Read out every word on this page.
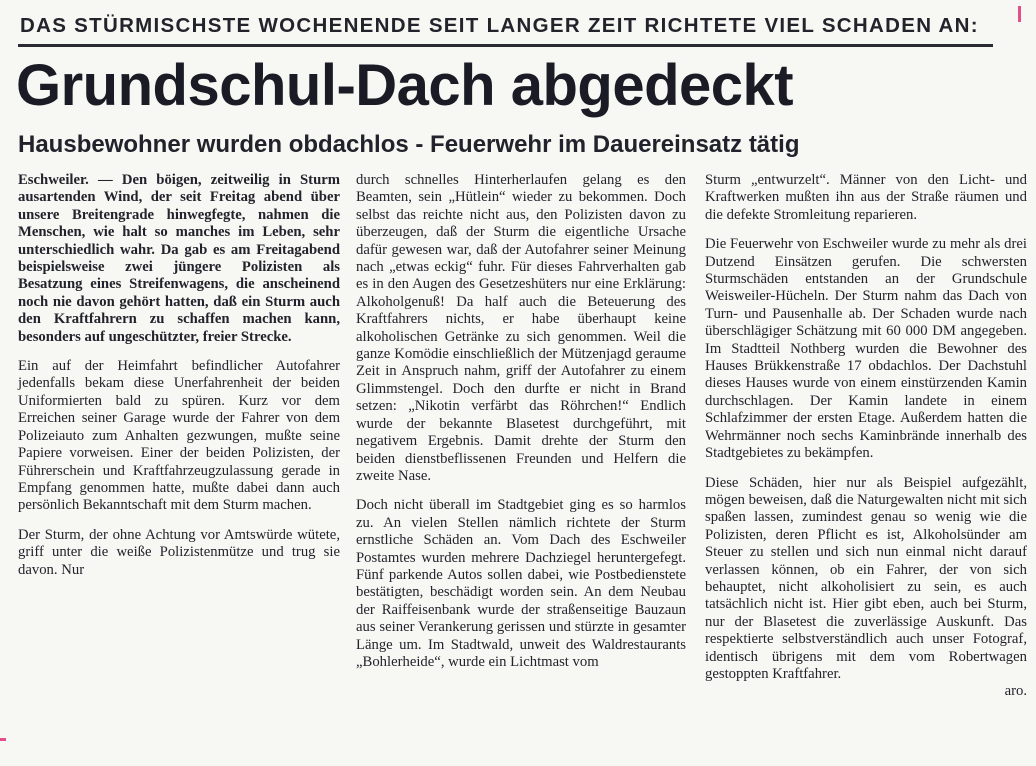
DAS STÜRMISCHSTE WOCHENENDE SEIT LANGER ZEIT RICHTETE VIEL SCHADEN AN:
Grundschul-Dach abgedeckt
Hausbewohner wurden obdachlos - Feuerwehr im Dauereinsatz tätig

Eschweiler. — Den böigen, zeitweilig in Sturm ausartenden Wind, der seit Freitag abend über unsere Breitengrade hinwegfegte, nahmen die Menschen, wie halt so manches im Leben, sehr unterschiedlich wahr. Da gab es am Freitagabend beispielsweise zwei jüngere Polizisten als Besatzung eines Streifenwagens, die anscheinend noch nie davon gehört hatten, daß ein Sturm auch den Kraftfahrern zu schaffen machen kann, besonders auf ungeschützter, freier Strecke.

Ein auf der Heimfahrt befindlicher Autofahrer jedenfalls bekam diese Unerfahrenheit der beiden Uniformierten bald zu spüren. Kurz vor dem Erreichen seiner Garage wurde der Fahrer von dem Polizeiauto zum Anhalten gezwungen, mußte seine Papiere vorweisen. Einer der beiden Polizisten, der Führerschein und Kraftfahrzeugzulassung gerade in Empfang genommen hatte, mußte dabei dann auch persönlich Bekanntschaft mit dem Sturm machen.

Der Sturm, der ohne Achtung vor Amtswürde wütete, griff unter die weiße Polizistenmütze und trug sie davon. Nur

durch schnelles Hinterherlaufen gelang es den Beamten, sein „Hütlein“ wieder zu bekommen. Doch selbst das reichte nicht aus, den Polizisten davon zu überzeugen, daß der Sturm die eigentliche Ursache dafür gewesen war, daß der Autofahrer seiner Meinung nach „etwas eckig“ fuhr. Für dieses Fahrverhalten gab es in den Augen des Gesetzeshüters nur eine Erklärung: Alkoholgenuß! Da half auch die Beteuerung des Kraftfahrers nichts, er habe überhaupt keine alkoholischen Getränke zu sich genommen. Weil die ganze Komödie einschließlich der Mützenjagd geraume Zeit in Anspruch nahm, griff der Autofahrer zu einem Glimmstengel. Doch den durfte er nicht in Brand setzen: „Nikotin verfärbt das Röhrchen!“ Endlich wurde der bekannte Blasetest durchgeführt, mit negativem Ergebnis. Damit drehte der Sturm den beiden dienstbeflissenen Freunden und Helfern die zweite Nase.

Doch nicht überall im Stadtgebiet ging es so harmlos zu. An vielen Stellen nämlich richtete der Sturm ernstliche Schäden an. Vom Dach des Eschweiler Postamtes wurden mehrere Dachziegel heruntergefegt. Fünf parkende Autos sollen dabei, wie Postbedienstete bestätigten, beschädigt worden sein. An dem Neubau der Raiffeisenbank wurde der straßenseitige Bauzaun aus seiner Verankerung gerissen und stürzte in gesamter Länge um. Im Stadtwald, unweit des Waldrestaurants „Bohlerheide“, wurde ein Lichtmast vom

Sturm „entwurzelt“. Männer von den Licht- und Kraftwerken mußten ihn aus der Straße räumen und die defekte Stromleitung reparieren.

Die Feuerwehr von Eschweiler wurde zu mehr als drei Dutzend Einsätzen gerufen. Die schwersten Sturmschäden entstanden an der Grundschule Weisweiler-Hücheln. Der Sturm nahm das Dach von Turn- und Pausenhalle ab. Der Schaden wurde nach überschlägiger Schätzung mit 60 000 DM angegeben. Im Stadtteil Nothberg wurden die Bewohner des Hauses Brükkenstraße 17 obdachlos. Der Dachstuhl dieses Hauses wurde von einem einstürzenden Kamin durchschlagen. Der Kamin landete in einem Schlafzimmer der ersten Etage. Außerdem hatten die Wehrmänner noch sechs Kaminbrände innerhalb des Stadtgebietes zu bekämpfen.

Diese Schäden, hier nur als Beispiel aufgezählt, mögen beweisen, daß die Naturgewalten nicht mit sich spaßen lassen, zumindest genau so wenig wie die Polizisten, deren Pflicht es ist, Alkoholsünder am Steuer zu stellen und sich nun einmal nicht darauf verlassen können, ob ein Fahrer, der von sich behauptet, nicht alkoholisiert zu sein, es auch tatsächlich nicht ist. Hier gibt eben, auch bei Sturm, nur der Blasetest die zuverlässige Auskunft. Das respektierte selbstverständlich auch unser Fotograf, identisch übrigens mit dem vom Robertwagen gestoppten Kraftfahrer.

aro.
